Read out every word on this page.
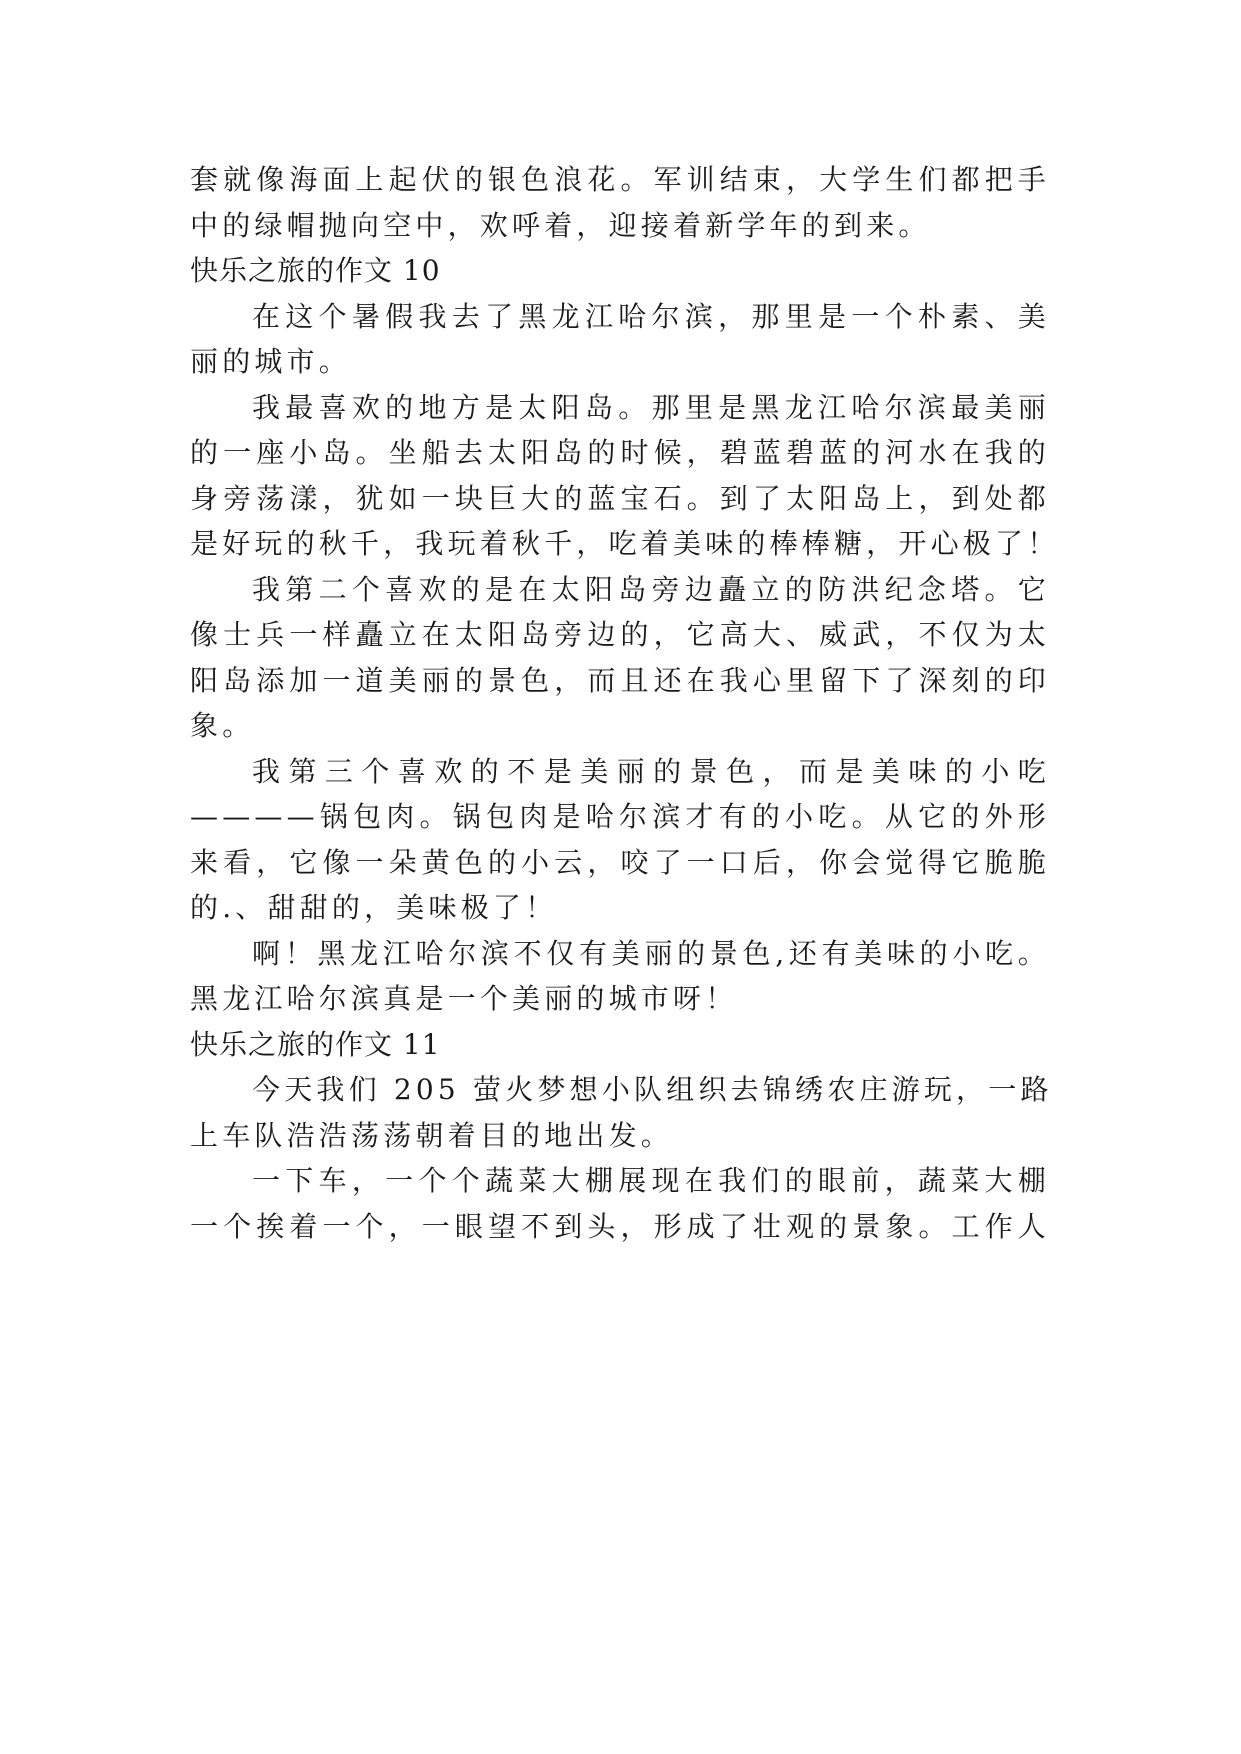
套就像海面上起伏的银色浪花。军训结束，大学生们都把手
中的绿帽抛向空中，欢呼着，迎接着新学年的到来。
快乐之旅的作文 10
在这个暑假我去了黑龙江哈尔滨，那里是一个朴素、美
丽的城市。
我最喜欢的地方是太阳岛。那里是黑龙江哈尔滨最美丽
的一座小岛。坐船去太阳岛的时候，碧蓝碧蓝的河水在我的
身旁荡漾，犹如一块巨大的蓝宝石。到了太阳岛上，到处都
是好玩的秋千，我玩着秋千，吃着美味的棒棒糖，开心极了！
我第二个喜欢的是在太阳岛旁边矗立的防洪纪念塔。它
像士兵一样矗立在太阳岛旁边的，它高大、威武，不仅为太
阳岛添加一道美丽的景色，而且还在我心里留下了深刻的印
象。
我第三个喜欢的不是美丽的景色，而是美味的小吃
————锅包肉。锅包肉是哈尔滨才有的小吃。从它的外形
来看，它像一朵黄色的小云，咬了一口后，你会觉得它脆脆
的.、甜甜的，美味极了！
啊！黑龙江哈尔滨不仅有美丽的景色,还有美味的小吃。
黑龙江哈尔滨真是一个美丽的城市呀！
快乐之旅的作文 11
今天我们 205 萤火梦想小队组织去锦绣农庄游玩，一路
上车队浩浩荡荡朝着目的地出发。
一下车，一个个蔬菜大棚展现在我们的眼前，蔬菜大棚
一个挨着一个，一眼望不到头，形成了壮观的景象。工作人
